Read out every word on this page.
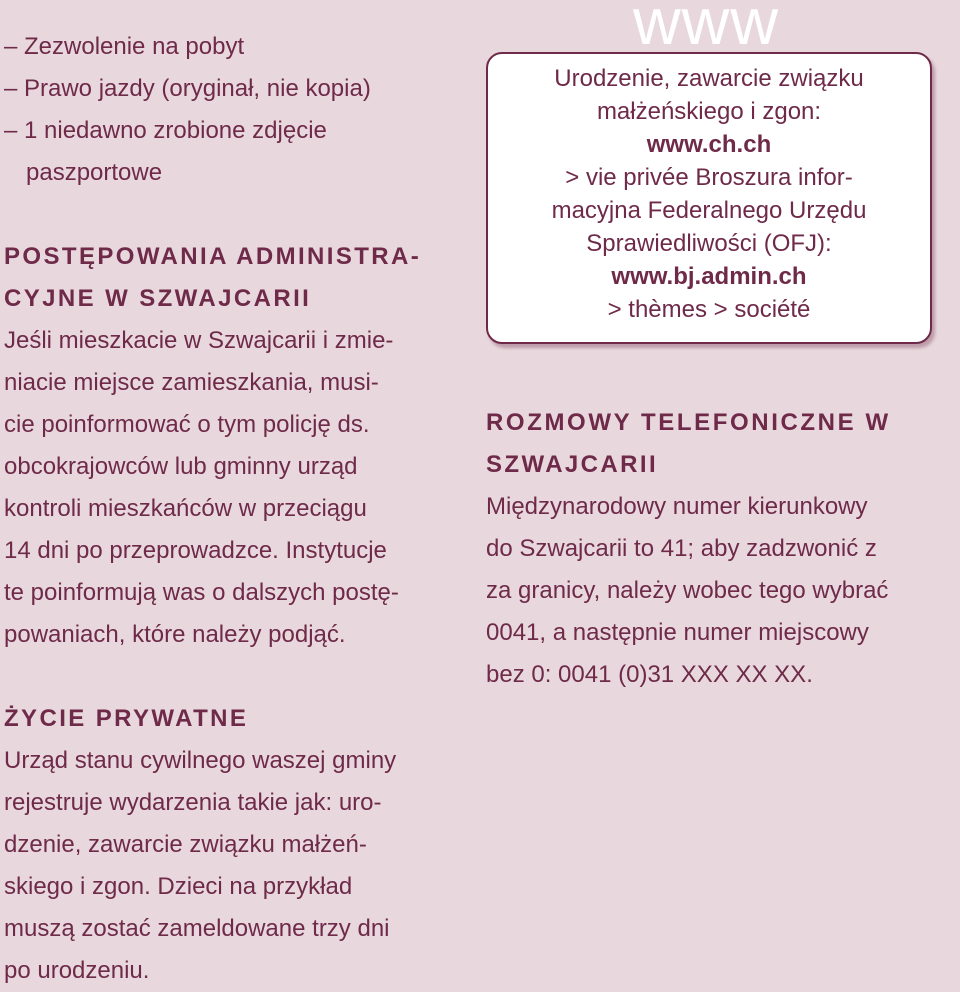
– Zezwolenie na pobyt

– Prawo jazdy (oryginał, nie kopia)

– 1 niedawno zrobione zdjęcie

paszportowe

POSTĘPOWANIA ADMINISTRA-

CYJNE W SZWAJCARII

Jeśli mieszkacie w Szwajcarii i zmie-

niacie miejsce zamieszkania, musi-

cie poinformować o tym policję ds.

obcokrajowców lub gminny urząd

kontroli mieszkańców w przeciągu

14 dni po przeprowadzce. Instytucje

te poinformują was o dalszych postę-

powaniach, które należy podjąć.

ŻYCIE PRYWATNE

Urząd stanu cywilnego waszej gminy

rejestruje wydarzenia takie jak: uro-

dzenie, zawarcie związku małżeń-

skiego i zgon. Dzieci na przykład

muszą zostać zameldowane trzy dni

po urodzeniu.

Urodzenie, zawarcie związku

małżeńskiego i zgon:

www.ch.ch

> vie privée Broszura infor-

macyjna Federalnego Urzędu

Sprawiedliwości (OFJ):

www.bj.admin.ch

> thèmes > société

www

ROZMOWY TELEFONICZNE W

SZWAJCARII

Międzynarodowy numer kierunkowy

do Szwajcarii to 41; aby zadzwonić z

za granicy, należy wobec tego wybrać

0041, a następnie numer miejscowy

bez 0: 0041 (0)31 XXX XX XX.
